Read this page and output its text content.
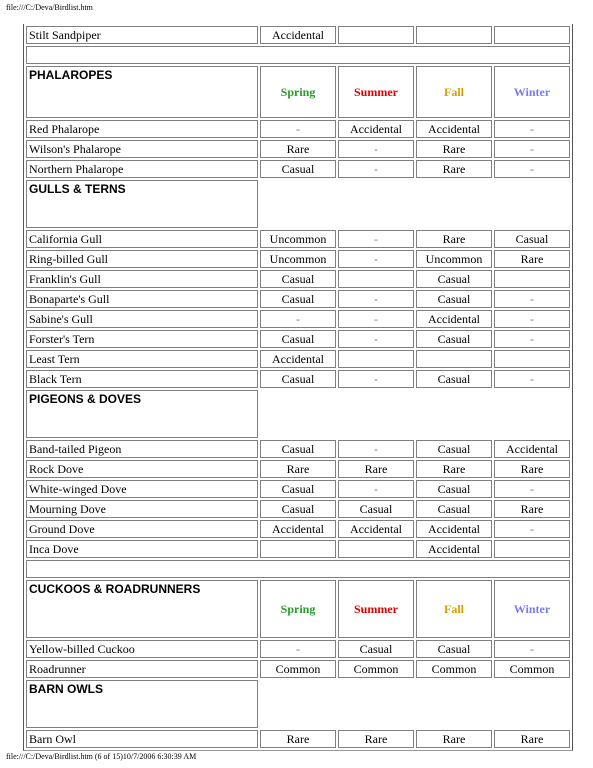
file:///C:/Deva/Birdlist.htm
Stilt Sandpiper	Accidental			

PHALAROPES	Spring	Summer	Fall	Winter
Red Phalarope	-	Accidental	Accidental	-
Wilson's Phalarope	Rare	-	Rare	-
Northern Phalarope	Casual	-	Rare	-
GULLS & TERNS				
California Gull	Uncommon	-	Rare	Casual
Ring-billed Gull	Uncommon	-	Uncommon	Rare
Franklin's Gull	Casual		Casual	
Bonaparte's Gull	Casual	-	Casual	-
Sabine's Gull	-	-	Accidental	-
Forster's Tern	Casual	-	Casual	-
Least Tern	Accidental			
Black Tern	Casual	-	Casual	-
PIGEONS & DOVES				
Band-tailed Pigeon	Casual	-	Casual	Accidental
Rock Dove	Rare	Rare	Rare	Rare
White-winged Dove	Casual	-	Casual	-
Mourning Dove	Casual	Casual	Casual	Rare
Ground Dove	Accidental	Accidental	Accidental	-
Inca Dove			Accidental	

CUCKOOS & ROADRUNNERS	Spring	Summer	Fall	Winter
Yellow-billed Cuckoo	-	Casual	Casual	-
Roadrunner	Common	Common	Common	Common
BARN OWLS				
Barn Owl	Rare	Rare	Rare	Rare
file:///C:/Deva/Birdlist.htm (6 of 15)10/7/2006 6:30:39 AM
